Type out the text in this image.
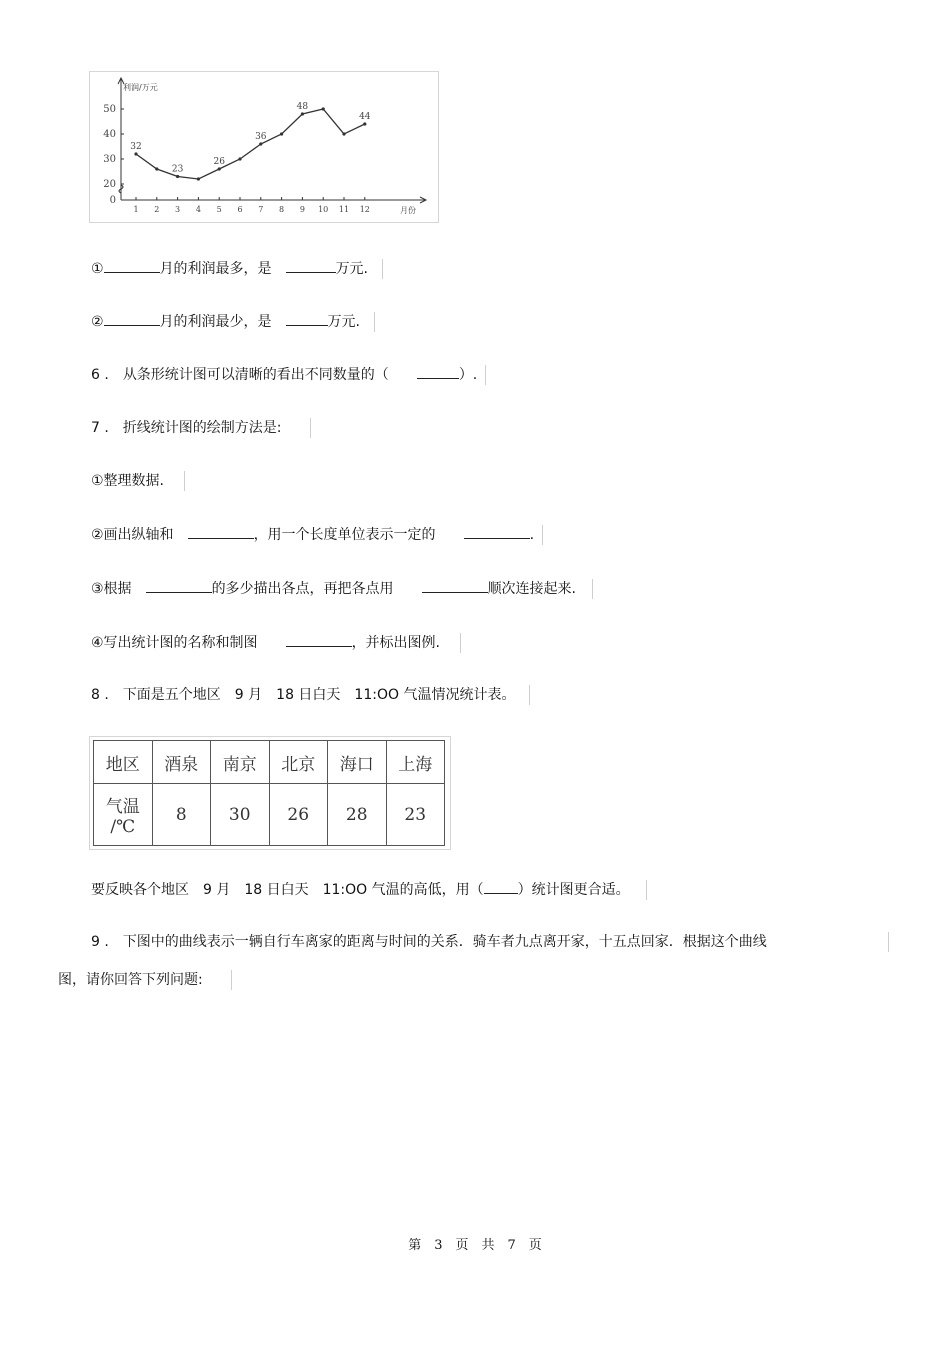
0
20
30
40
50
1 2 3 4 5 6 7 8 9 10 11 12
利润/万元
月份
32
23
26
36
48
44
①	月的利润最多，是　	万元.
②	月的利润最少，是　	万元.
6 .　 从条形统计图可以清晰的看出不同数量的（　　	）.
7 .　 折线统计图的绘制方法是:
①整理数据.
②画出纵轴和　	，用一个长度单位表示一定的　　	.
③根据　	的多少描出各点，再把各点用　　	顺次连接起来.
④写出统计图的名称和制图　　	，并标出图例.
8 .　 下面是五个地区　9 月　18 日白天　11:OO 气温情况统计表。
地区	酒泉	南京	北京	海口	上海
气温
/℃	8	30	26	28	23
要反映各个地区　9 月　18 日白天　11:OO 气温的高低，用（ ）统计图更合适。
9 .　 下图中的曲线表示一辆自行车离家的距离与时间的关系．骑车者九点离开家，十五点回家．根据这个曲线
图，请你回答下列问题:
第　3　页　共　7　页
